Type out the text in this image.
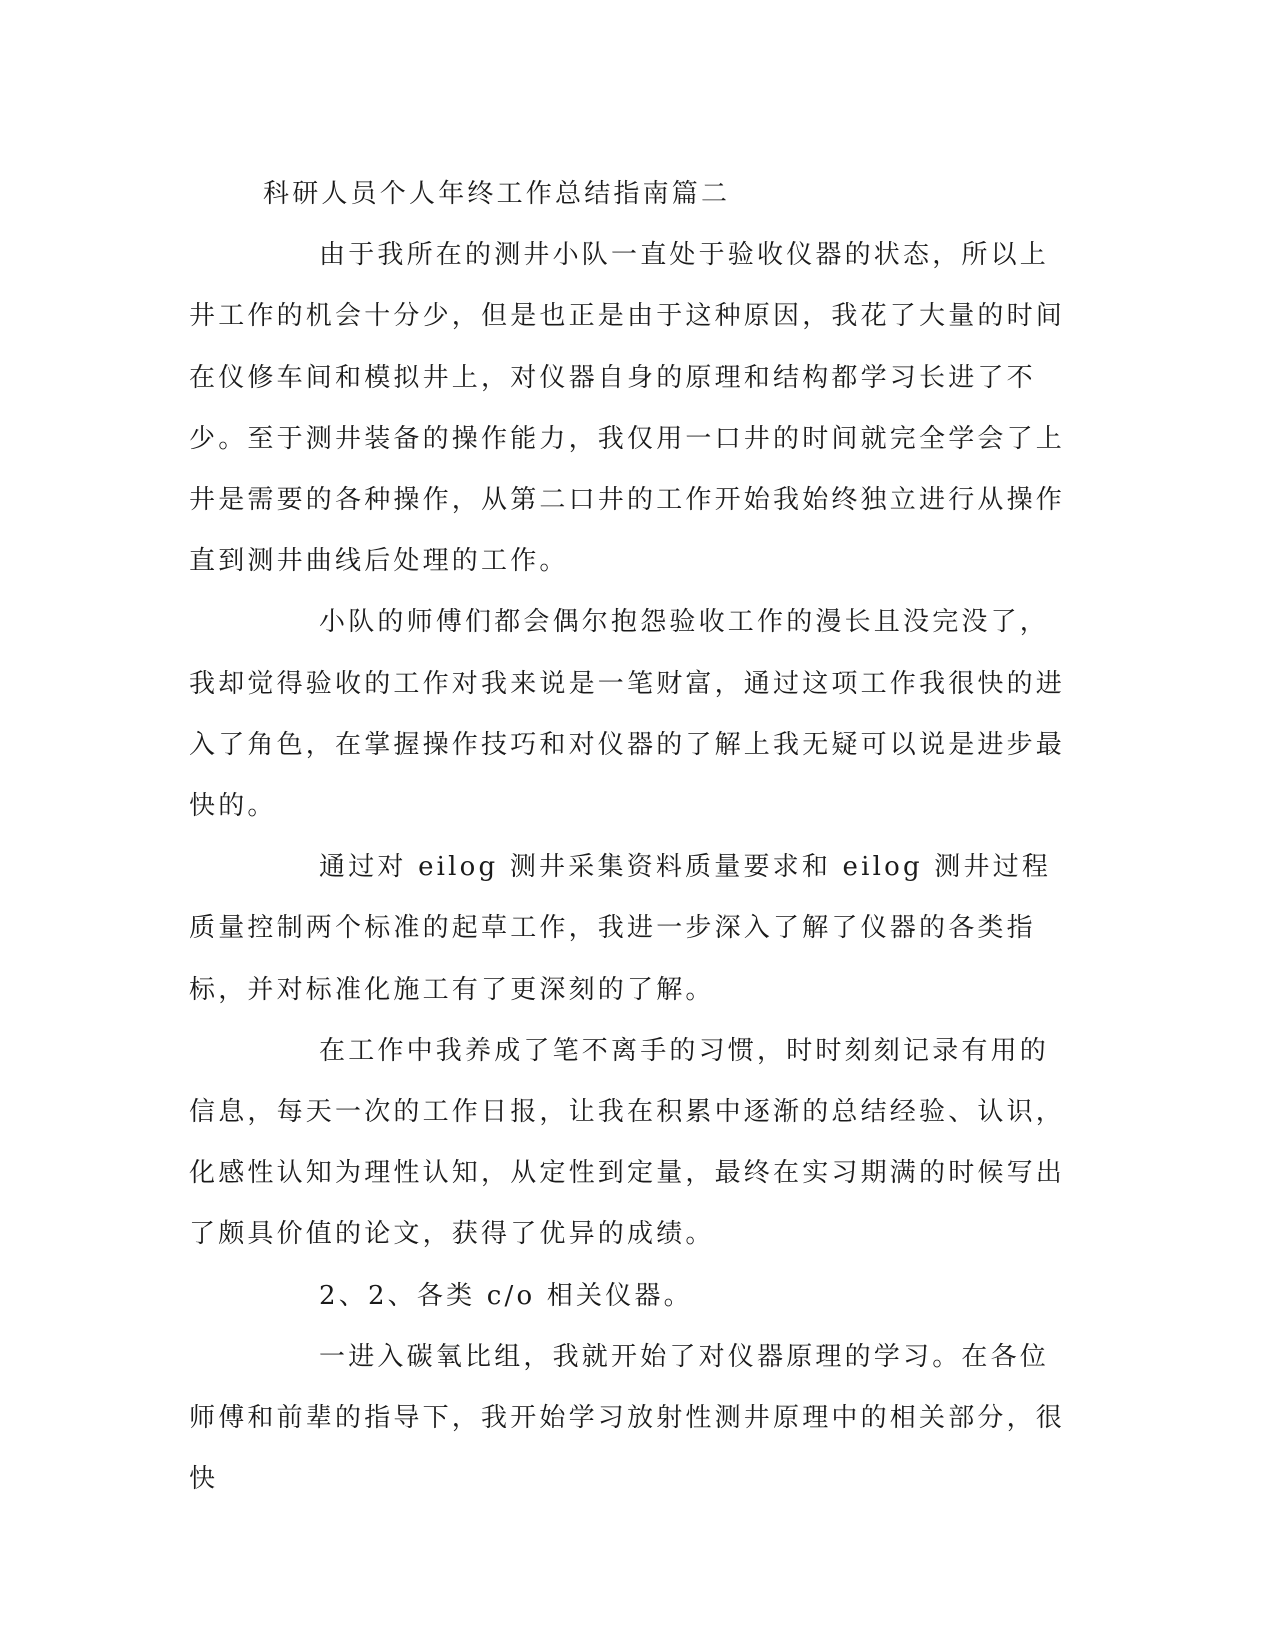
科研人员个人年终工作总结指南篇二

由于我所在的测井小队一直处于验收仪器的状态，所以上井工作的机会十分少，但是也正是由于这种原因，我花了大量的时间在仪修车间和模拟井上，对仪器自身的原理和结构都学习长进了不少。至于测井装备的操作能力，我仅用一口井的时间就完全学会了上井是需要的各种操作，从第二口井的工作开始我始终独立进行从操作直到测井曲线后处理的工作。

小队的师傅们都会偶尔抱怨验收工作的漫长且没完没了，我却觉得验收的工作对我来说是一笔财富，通过这项工作我很快的进入了角色，在掌握操作技巧和对仪器的了解上我无疑可以说是进步最快的。

通过对 eilog 测井采集资料质量要求和 eilog 测井过程质量控制两个标准的起草工作，我进一步深入了解了仪器的各类指标，并对标准化施工有了更深刻的了解。

在工作中我养成了笔不离手的习惯，时时刻刻记录有用的信息，每天一次的工作日报，让我在积累中逐渐的总结经验、认识，化感性认知为理性认知，从定性到定量，最终在实习期满的时候写出了颇具价值的论文，获得了优异的成绩。

2、2、各类 c/o 相关仪器。

一进入碳氧比组，我就开始了对仪器原理的学习。在各位师傅和前辈的指导下，我开始学习放射性测井原理中的相关部分，很快
